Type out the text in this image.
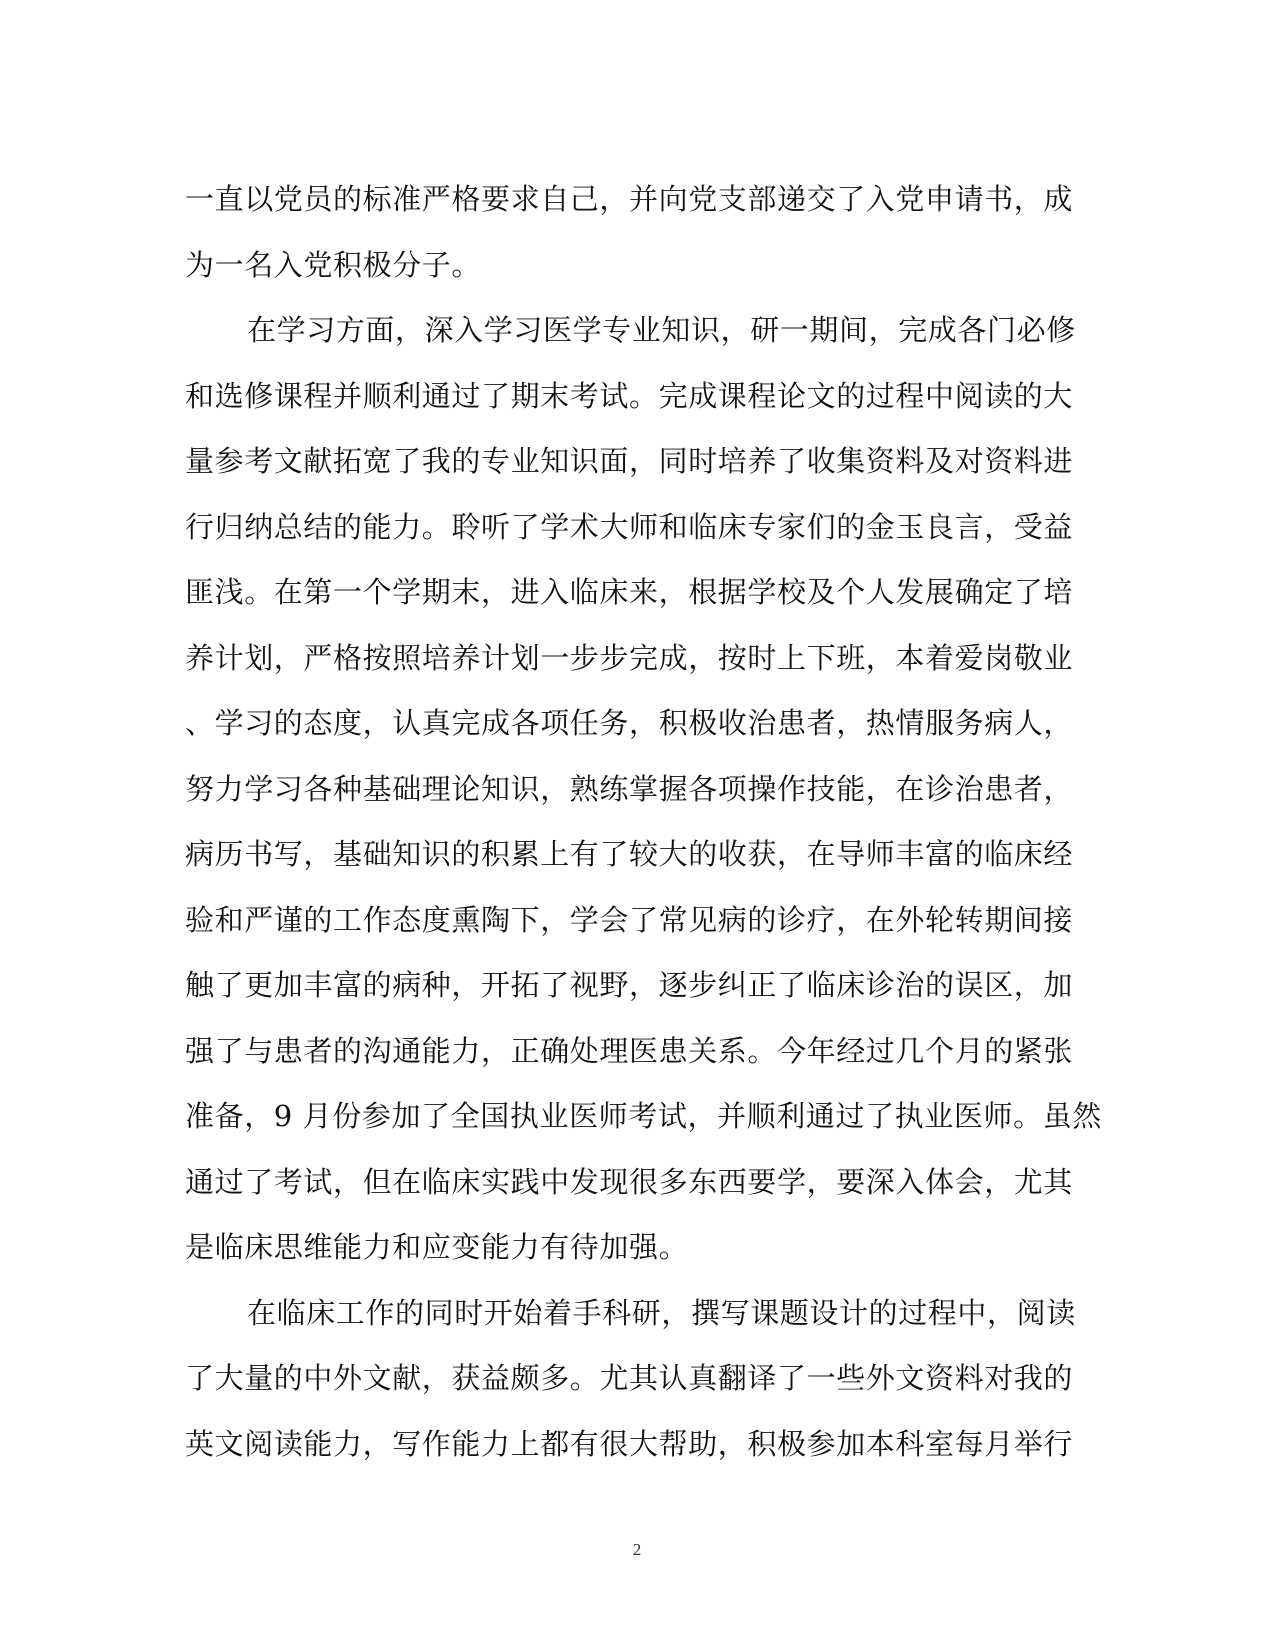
一直以党员的标准严格要求自己，并向党支部递交了入党申请书，成
为一名入党积极分子。
在学习方面，深入学习医学专业知识，研一期间，完成各门必修
和选修课程并顺利通过了期末考试。完成课程论文的过程中阅读的大
量参考文献拓宽了我的专业知识面，同时培养了收集资料及对资料进
行归纳总结的能力。聆听了学术大师和临床专家们的金玉良言，受益
匪浅。在第一个学期末，进入临床来，根据学校及个人发展确定了培
养计划，严格按照培养计划一步步完成，按时上下班，本着爱岗敬业
、学习的态度，认真完成各项任务，积极收治患者，热情服务病人，
努力学习各种基础理论知识，熟练掌握各项操作技能，在诊治患者，
病历书写，基础知识的积累上有了较大的收获，在导师丰富的临床经
验和严谨的工作态度熏陶下，学会了常见病的诊疗，在外轮转期间接
触了更加丰富的病种，开拓了视野，逐步纠正了临床诊治的误区，加
强了与患者的沟通能力，正确处理医患关系。今年经过几个月的紧张
准备，9 月份参加了全国执业医师考试，并顺利通过了执业医师。虽然
通过了考试，但在临床实践中发现很多东西要学，要深入体会，尤其
是临床思维能力和应变能力有待加强。
在临床工作的同时开始着手科研，撰写课题设计的过程中，阅读
了大量的中外文献，获益颇多。尤其认真翻译了一些外文资料对我的
英文阅读能力，写作能力上都有很大帮助，积极参加本科室每月举行
2
